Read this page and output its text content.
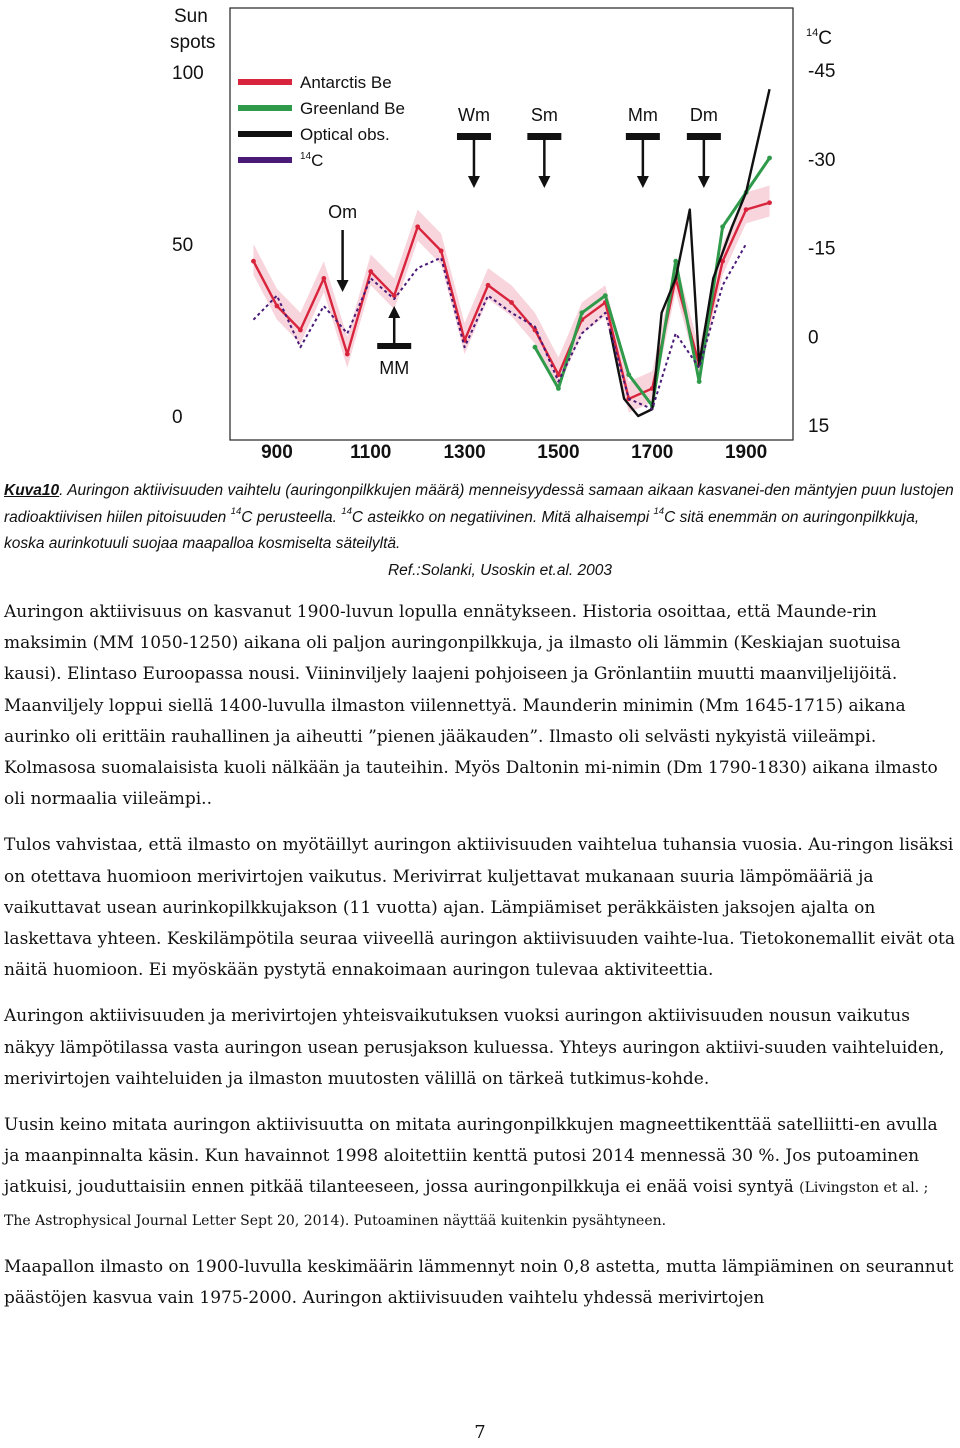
Sun
spots
100
50
0
$^{14}$C
-45
-30
-15
0
15
900	1100	1300	1500	1700	1900
Om
Wm Sm	Mm Dm
MM
Antarctis Be
Greenland Be
Optical obs.
$^{14}$C
Kuva10. Auringon aktiivisuuden vaihtelu (auringonpilkkujen määrä) menneisyydessä samaan aikaan kasvanei-den mäntyjen puun lustojen radioaktiivisen hiilen pitoisuuden $^{14}$C perusteella. $^{14}$C asteikko on negatiivinen. Mitä alhaisempi $^{14}$C sitä enemmän on auringonpilkkuja, koska aurinkotuuli suojaa maapalloa kosmiselta säteilyltä.
Ref.:Solanki, Usoskin et.al. 2003

Auringon aktiivisuus on kasvanut 1900-luvun lopulla ennätykseen. Historia osoittaa, että Maunde-rin maksimin (MM 1050-1250) aikana oli paljon auringonpilkkuja, ja ilmasto oli lämmin (Keskiajan suotuisa kausi). Elintaso Euroopassa nousi. Viininviljely laajeni pohjoiseen ja Grönlantiin muutti maanviljelijöitä. Maanviljely loppui siellä 1400-luvulla ilmaston viilennettyä. Maunderin minimin (Mm 1645-1715) aikana aurinko oli erittäin rauhallinen ja aiheutti ”pienen jääkauden”. Ilmasto oli selvästi nykyistä viileämpi. Kolmasosa suomalaisista kuoli nälkään ja tauteihin. Myös Daltonin mi-nimin (Dm 1790-1830) aikana ilmasto oli normaalia viileämpi..

Tulos vahvistaa, että ilmasto on myötäillyt auringon aktiivisuuden vaihtelua tuhansia vuosia. Au-ringon lisäksi on otettava huomioon merivirtojen vaikutus. Merivirrat kuljettavat mukanaan suuria lämpömääriä ja vaikuttavat usean aurinkopilkkujakson (11 vuotta) ajan. Lämpiämiset peräkkäisten jaksojen ajalta on laskettava yhteen. Keskilämpötila seuraa viiveellä auringon aktiivisuuden vaihte-lua. Tietokonemallit eivät ota näitä huomioon. Ei myöskään pystytä ennakoimaan auringon tulevaa aktiviteettia.

Auringon aktiivisuuden ja merivirtojen yhteisvaikutuksen vuoksi auringon aktiivisuuden nousun vaikutus näkyy lämpötilassa vasta auringon usean perusjakson kuluessa. Yhteys auringon aktiivi-suuden vaihteluiden, merivirtojen vaihteluiden ja ilmaston muutosten välillä on tärkeä tutkimus-kohde.

Uusin keino mitata auringon aktiivisuutta on mitata auringonpilkkujen magneettikenttää satelliitti-en avulla ja maanpinnalta käsin. Kun havainnot 1998 aloitettiin kenttä putosi 2014 mennessä 30 %. Jos putoaminen jatkuisi, jouduttaisiin ennen pitkää tilanteeseen, jossa auringonpilkkuja ei enää voisi syntyä (Livingston et al. ; The Astrophysical Journal Letter Sept 20, 2014). Putoaminen näyttää kuitenkin pysähtyneen.

Maapallon ilmasto on 1900-luvulla keskimäärin lämmennyt noin 0,8 astetta, mutta lämpiäminen on seurannut päästöjen kasvua vain 1975-2000. Auringon aktiivisuuden vaihtelu yhdessä merivirtojen

7
